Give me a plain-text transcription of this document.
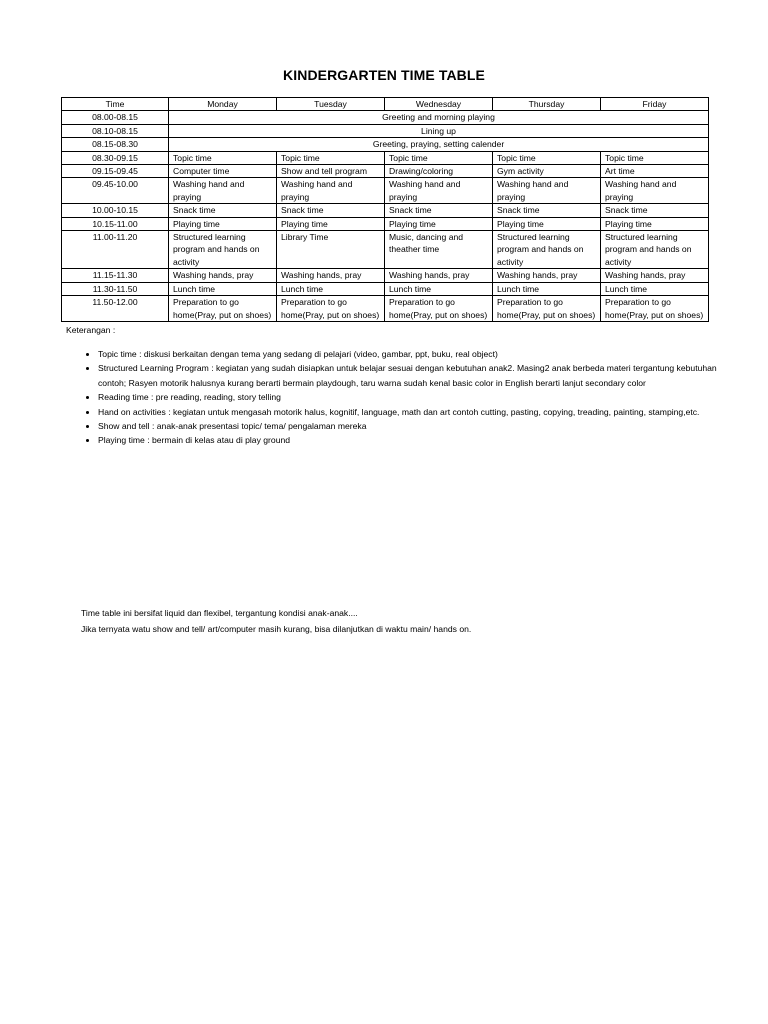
KINDERGARTEN TIME TABLE
Time	Monday	Tuesday	Wednesday	Thursday	Friday
08.00-08.15	Greeting and morning playing				
08.10-08.15	Lining up				
08.15-08.30	Greeting, praying, setting calender				
08.30-09.15	Topic time	Topic time	Topic time	Topic time	Topic time
09.15-09.45	Computer time	Show and tell program	Drawing/coloring	Gym activity	Art time
09.45-10.00	Washing hand and praying	Washing hand and praying	Washing hand and praying	Washing hand and praying	Washing hand and praying
10.00-10.15	Snack time	Snack time	Snack time	Snack time	Snack time
10.15-11.00	Playing time	Playing time	Playing time	Playing time	Playing time
11.00-11.20	Structured learning program and hands on activity	Library Time	Music, dancing and theather time	Structured learning program and hands on activity	Structured learning program and hands on activity
11.15-11.30	Washing hands, pray	Washing hands, pray	Washing hands, pray	Washing hands, pray	Washing hands, pray
11.30-11.50	Lunch time	Lunch time	Lunch time	Lunch time	Lunch time
11.50-12.00	Preparation to go home(Pray, put on shoes)	Preparation to go home(Pray, put on shoes)	Preparation to go home(Pray, put on shoes)	Preparation to go home(Pray, put on shoes)	Preparation to go home(Pray, put on shoes)
Keterangan :
• Topic time : diskusi berkaitan dengan tema yang sedang di pelajari (video, gambar, ppt, buku, real object)
• Structured Learning Program : kegiatan yang sudah disiapkan untuk belajar sesuai dengan kebutuhan anak2. Masing2 anak berbeda materi tergantung kebutuhan contoh; Rasyen motorik halusnya kurang berarti bermain playdough, taru warna sudah kenal basic color in English berarti lanjut secondary color
• Reading time : pre reading, reading, story telling
• Hand on activities : kegiatan untuk mengasah motorik halus, kognitif, language, math dan art contoh cutting, pasting, copying, treading, painting, stamping,etc.
• Show and tell : anak-anak presentasi topic/ tema/ pengalaman mereka
• Playing time : bermain di kelas atau di play ground
Time table ini bersifat liquid dan flexibel, tergantung kondisi anak-anak....
Jika ternyata watu show and tell/ art/computer masih kurang, bisa dilanjutkan di waktu main/ hands on.
